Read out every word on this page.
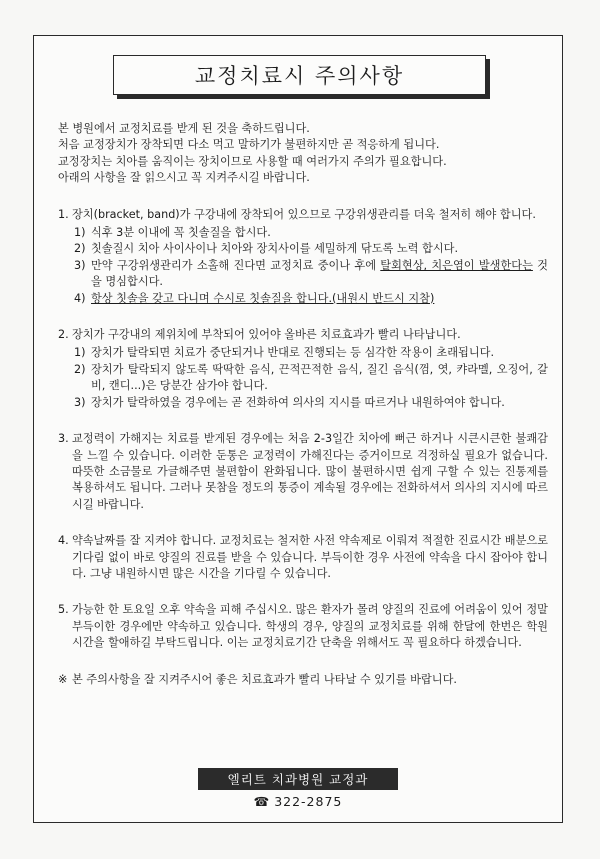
교정치료시 주의사항

본 병원에서 교정치료를 받게 된 것을 축하드립니다.

처음 교정장치가 장착되면 다소 먹고 말하기가 불편하지만 곧 적응하게 됩니다.

교정장치는 치아를 움직이는 장치이므로 사용할 때 여러가지 주의가 필요합니다.

아래의 사항을 잘 읽으시고 꼭 지켜주시길 바랍니다.

1. 장치(bracket, band)가 구강내에 장착되어 있으므로 구강위생관리를 더욱 철저히 해야 합니다.
1) 식후 3분 이내에 꼭 칫솔질을 합시다.
2) 칫솔질시 치아 사이사이나 치아와 장치사이를 세밀하게 닦도록 노력 합시다.
3) 만약 구강위생관리가 소홀해 진다면 교정치료 중이나 후에 탈회현상, 치은염이 발생한다는 것을 명심합시다.
4) 항상 칫솔을 갖고 다니며 수시로 칫솔질을 합니다.(내원시 반드시 지참)
2. 장치가 구강내의 제위치에 부착되어 있어야 올바른 치료효과가 빨리 나타납니다.
1) 장치가 탈락되면 치료가 중단되거나 반대로 진행되는 등 심각한 작용이 초래됩니다.
2) 장치가 탈락되지 않도록 딱딱한 음식, 끈적끈적한 음식, 질긴 음식(껌, 엿, 캬라멜, 오징어, 갈비, 캔디...)은 당분간 삼가야 합니다.
3) 장치가 탈락하였을 경우에는 곧 전화하여 의사의 지시를 따르거나 내원하여야 합니다.
3. 교정력이 가해지는 치료를 받게된 경우에는 처음 2-3일간 치아에 뻐근 하거나 시큰시큰한 불쾌감을 느낄 수 있습니다. 이러한 둔통은 교정력이 가해진다는 증거이므로 걱정하실 필요가 없습니다. 따뜻한 소금물로 가글해주면 불편함이 완화됩니다. 많이 불편하시면 쉽게 구할 수 있는 진통제를 복용하셔도 됩니다. 그러나 못참을 정도의 통증이 계속될 경우에는 전화하셔서 의사의 지시에 따르시길 바랍니다.
4. 약속날짜를 잘 지켜야 합니다. 교정치료는 철저한 사전 약속제로 이뤄져 적절한 진료시간 배분으로 기다림 없이 바로 양질의 진료를 받을 수 있습니다. 부득이한 경우 사전에 약속을 다시 잡아야 합니다. 그냥 내원하시면 많은 시간을 기다릴 수 있습니다.
5. 가능한 한 토요일 오후 약속을 피해 주십시오. 많은 환자가 몰려 양질의 진료에 어려움이 있어 정말 부득이한 경우에만 약속하고 있습니다. 학생의 경우, 양질의 교정치료를 위해 한달에 한번은 학원시간을 할애하길 부탁드립니다. 이는 교정치료기간 단축을 위해서도 꼭 필요하다 하겠습니다.
※ 본 주의사항을 잘 지켜주시어 좋은 치료효과가 빨리 나타날 수 있기를 바랍니다.
엘리트 치과병원 교정과
☎ 322-2875
